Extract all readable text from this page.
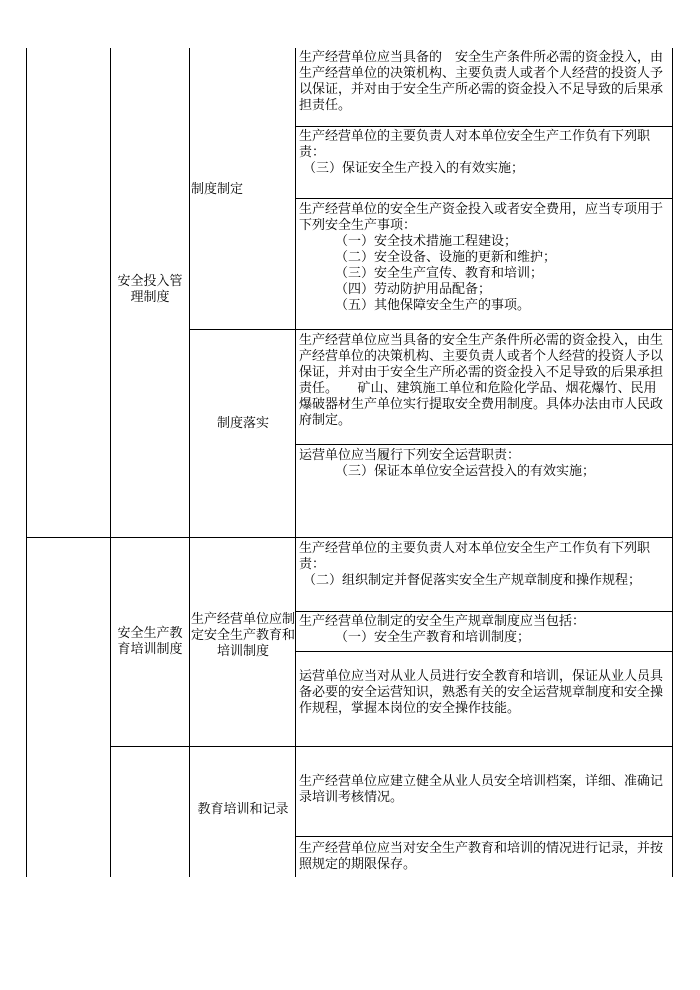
安全投入管理制度
制度制定

生产经营单位应当具备的　安全生产条件所必需的资金投入，由生产经营单位的决策机构、主要负责人或者个人经营的投资人予以保证，并对由于安全生产所必需的资金投入不足导致的后果承担责任。

生产经营单位的主要负责人对本单位安全生产工作负有下列职责：

（三）保证安全生产投入的有效实施；

生产经营单位的安全生产资金投入或者安全费用，应当专项用于下列安全生产事项：

（一）安全技术措施工程建设；

（二）安全设备、设施的更新和维护；

（三）安全生产宣传、教育和培训；

（四）劳动防护用品配备；

（五）其他保障安全生产的事项。

制度落实

生产经营单位应当具备的安全生产条件所必需的资金投入，由生产经营单位的决策机构、主要负责人或者个人经营的投资人予以保证，并对由于安全生产所必需的资金投入不足导致的后果承担责任。　　矿山、建筑施工单位和危险化学品、烟花爆竹、民用爆破器材生产单位实行提取安全费用制度。具体办法由市人民政府制定。

运营单位应当履行下列安全运营职责：

（三）保证本单位安全运营投入的有效实施；

安全生产教育培训制度
生产经营单位应制定安全生产教育和培训制度

生产经营单位的主要负责人对本单位安全生产工作负有下列职责：

（二）组织制定并督促落实安全生产规章制度和操作规程；

生产经营单位制定的安全生产规章制度应当包括：

（一）安全生产教育和培训制度；

运营单位应当对从业人员进行安全教育和培训，保证从业人员具备必要的安全运营知识，熟悉有关的安全运营规章制度和安全操作规程，掌握本岗位的安全操作技能。

教育培训和记录

生产经营单位应建立健全从业人员安全培训档案，详细、准确记录培训考核情况。

生产经营单位应当对安全生产教育和培训的情况进行记录，并按照规定的期限保存。
